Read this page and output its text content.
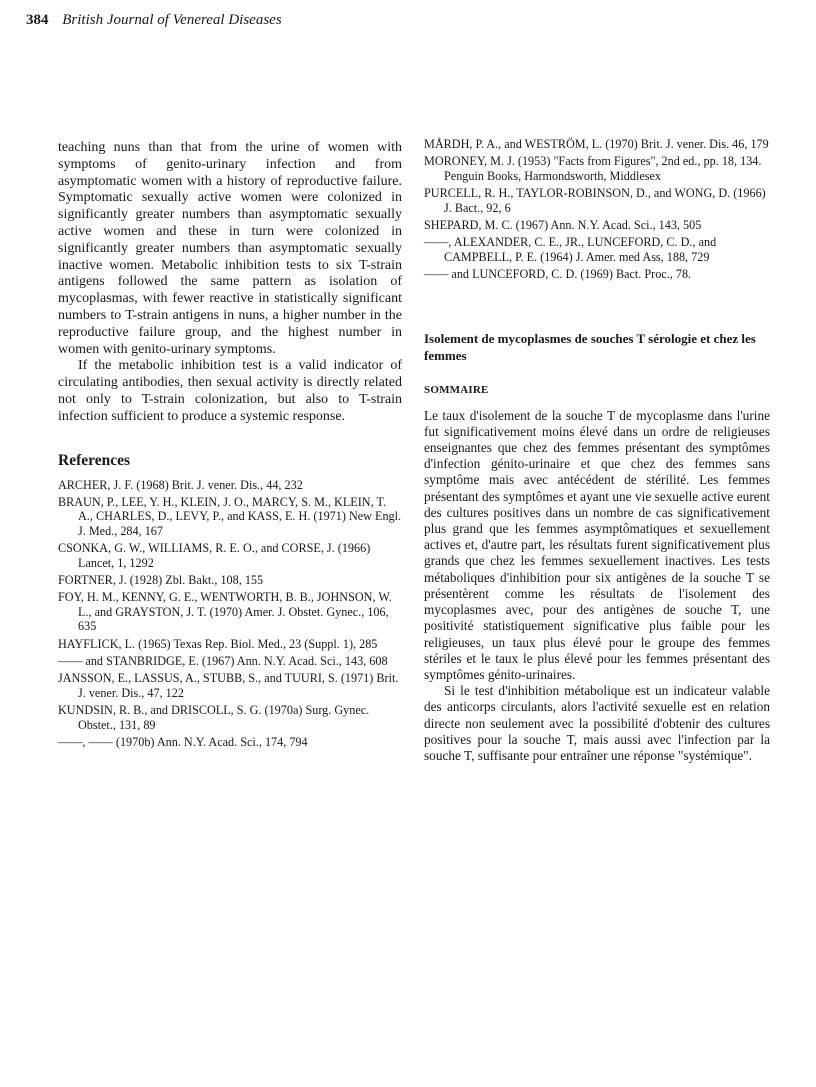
384 British Journal of Venereal Diseases

teaching nuns than that from the urine of women with symptoms of genito-urinary infection and from asymptomatic women with a history of reproductive failure. Symptomatic sexually active women were colonized in significantly greater numbers than asymptomatic sexually active women and these in turn were colonized in significantly greater numbers than asymptomatic sexually inactive women. Metabolic inhibition tests to six T-strain antigens followed the same pattern as isolation of mycoplasmas, with fewer reactive in statistically significant numbers to T-strain antigens in nuns, a higher number in the reproductive failure group, and the highest number in women with genito-urinary symptoms.

If the metabolic inhibition test is a valid indicator of circulating antibodies, then sexual activity is directly related not only to T-strain colonization, but also to T-strain infection sufficient to produce a systemic response.

References
ARCHER, J. F. (1968) Brit. J. vener. Dis., 44, 232
BRAUN, P., LEE, Y. H., KLEIN, J. O., MARCY, S. M., KLEIN, T. A., CHARLES, D., LEVY, P., and KASS, E. H. (1971) New Engl. J. Med., 284, 167
CSONKA, G. W., WILLIAMS, R. E. O., and CORSE, J. (1966) Lancet, 1, 1292
FORTNER, J. (1928) Zbl. Bakt., 108, 155
FOY, H. M., KENNY, G. E., WENTWORTH, B. B., JOHNSON, W. L., and GRAYSTON, J. T. (1970) Amer. J. Obstet. Gynec., 106, 635
HAYFLICK, L. (1965) Texas Rep. Biol. Med., 23 (Suppl. 1), 285
—— and STANBRIDGE, E. (1967) Ann. N.Y. Acad. Sci., 143, 608
JANSSON, E., LASSUS, A., STUBB, S., and TUURI, S. (1971) Brit. J. vener. Dis., 47, 122
KUNDSIN, R. B., and DRISCOLL, S. G. (1970a) Surg. Gynec. Obstet., 131, 89
——, —— (1970b) Ann. N.Y. Acad. Sci., 174, 794
MÅRDH, P. A., and WESTRÖM, L. (1970) Brit. J. vener. Dis. 46, 179
MORONEY, M. J. (1953) "Facts from Figures", 2nd ed., pp. 18, 134. Penguin Books, Harmondsworth, Middlesex
PURCELL, R. H., TAYLOR-ROBINSON, D., and WONG, D. (1966) J. Bact., 92, 6
SHEPARD, M. C. (1967) Ann. N.Y. Acad. Sci., 143, 505
——, ALEXANDER, C. E., JR., LUNCEFORD, C. D., and CAMPBELL, P. E. (1964) J. Amer. med Ass, 188, 729
—— and LUNCEFORD, C. D. (1969) Bact. Proc., 78.
Isolement de mycoplasmes de souches T sérologie et chez les femmes
SOMMAIRE

Le taux d'isolement de la souche T de mycoplasme dans l'urine fut significativement moins élevé dans un ordre de religieuses enseignantes que chez des femmes présentant des symptômes d'infection génito-urinaire et que chez des femmes sans symptôme mais avec antécédent de stérilité. Les femmes présentant des symptômes et ayant une vie sexuelle active eurent des cultures positives dans un nombre de cas significativement plus grand que les femmes asymptômatiques et sexuellement actives et, d'autre part, les résultats furent significativement plus grands que chez les femmes sexuellement inactives. Les tests métaboliques d'inhibition pour six antigènes de la souche T se présentèrent comme les résultats de l'isolement des mycoplasmes avec, pour des antigènes de souche T, une positivité statistiquement significative plus faible pour les religieuses, un taux plus élevé pour le groupe des femmes stériles et le taux le plus élevé pour les femmes présentant des symptômes génito-urinaires.

Si le test d'inhibition métabolique est un indicateur valable des anticorps circulants, alors l'activité sexuelle est en relation directe non seulement avec la possibilité d'obtenir des cultures positives pour la souche T, mais aussi avec l'infection par la souche T, suffisante pour entraîner une réponse "systémique".
